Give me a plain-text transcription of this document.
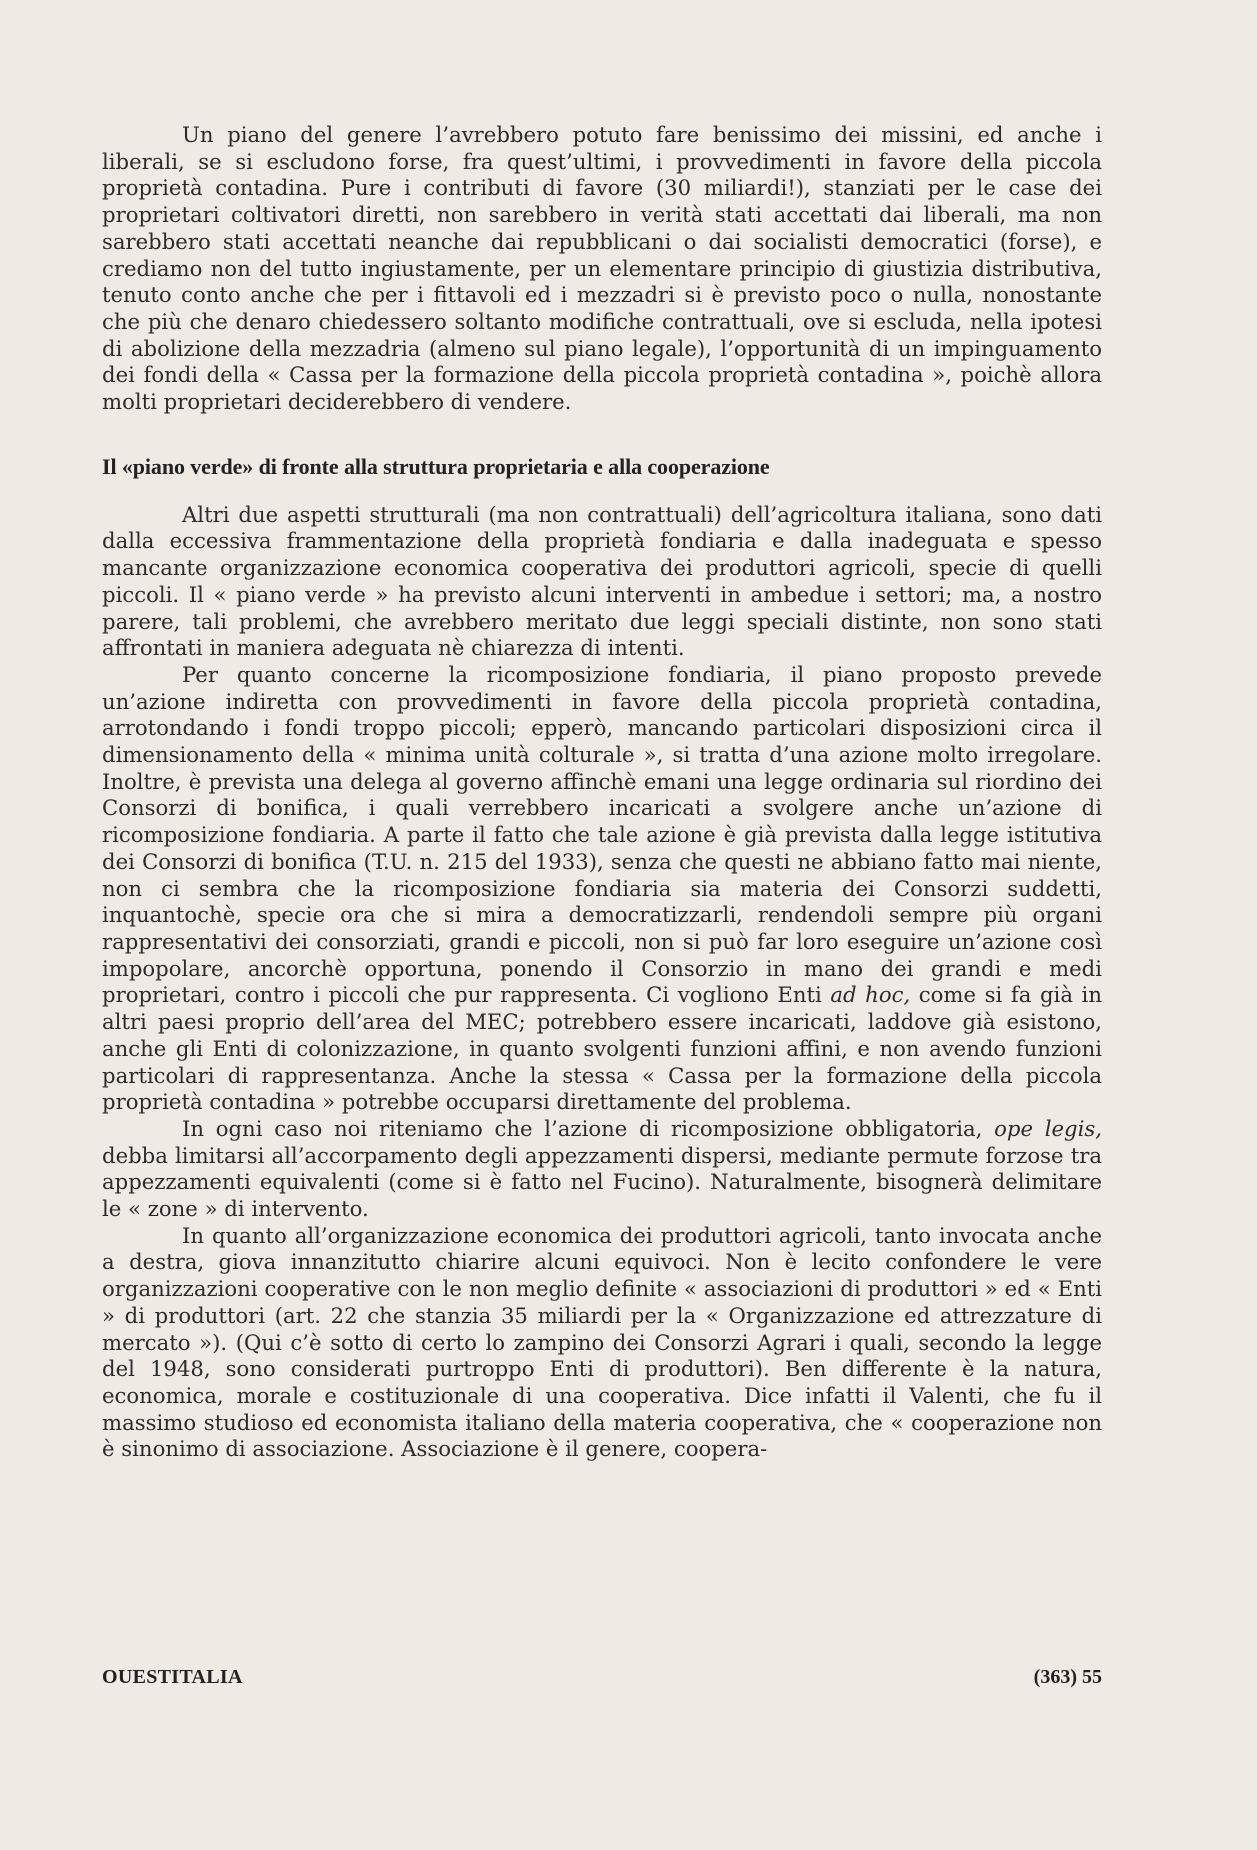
Un piano del genere l’avrebbero potuto fare benissimo dei missini, ed anche i liberali, se si escludono forse, fra quest’ultimi, i provvedimenti in favore della piccola proprietà contadina. Pure i contributi di favore (30 miliardi!), stanziati per le case dei proprietari coltivatori diretti, non sarebbero in verità stati accettati dai liberali, ma non sarebbero stati accettati neanche dai repubblicani o dai socialisti democratici (forse), e crediamo non del tutto ingiustamente, per un elementare principio di giustizia distributiva, tenuto conto anche che per i fittavoli ed i mezzadri si è previsto poco o nulla, nonostante che più che denaro chiedessero soltanto modifiche contrattuali, ove si escluda, nella ipotesi di abolizione della mezzadria (almeno sul piano legale), l’opportunità di un impinguamento dei fondi della « Cassa per la formazione della piccola proprietà contadina », poichè allora molti proprietari deciderebbero di vendere.

Il «piano verde» di fronte alla struttura proprietaria e alla cooperazione

Altri due aspetti strutturali (ma non contrattuali) dell’agricoltura italiana, sono dati dalla eccessiva frammentazione della proprietà fondiaria e dalla inadeguata e spesso mancante organizzazione economica cooperativa dei produttori agricoli, specie di quelli piccoli. Il « piano verde » ha previsto alcuni interventi in ambedue i settori; ma, a nostro parere, tali problemi, che avrebbero meritato due leggi speciali distinte, non sono stati affrontati in maniera adeguata nè chiarezza di intenti.

Per quanto concerne la ricomposizione fondiaria, il piano proposto prevede un’azione indiretta con provvedimenti in favore della piccola proprietà contadina, arrotondando i fondi troppo piccoli; epperò, mancando particolari disposizioni circa il dimensionamento della « minima unità colturale », si tratta d’una azione molto irregolare. Inoltre, è prevista una delega al governo affinchè emani una legge ordinaria sul riordino dei Consorzi di bonifica, i quali verrebbero incaricati a svolgere anche un’azione di ricomposizione fondiaria. A parte il fatto che tale azione è già prevista dalla legge istitutiva dei Consorzi di bonifica (T.U. n. 215 del 1933), senza che questi ne abbiano fatto mai niente, non ci sembra che la ricomposizione fondiaria sia materia dei Consorzi suddetti, inquantochè, specie ora che si mira a democratizzarli, rendendoli sempre più organi rappresentativi dei consorziati, grandi e piccoli, non si può far loro eseguire un’azione così impopolare, ancorchè opportuna, ponendo il Consorzio in mano dei grandi e medi proprietari, contro i piccoli che pur rappresenta. Ci vogliono Enti ad hoc, come si fa già in altri paesi proprio dell’area del MEC; potrebbero essere incaricati, laddove già esistono, anche gli Enti di colonizzazione, in quanto svolgenti funzioni affini, e non avendo funzioni particolari di rappresentanza. Anche la stessa « Cassa per la formazione della piccola proprietà contadina » potrebbe occuparsi direttamente del problema.

In ogni caso noi riteniamo che l’azione di ricomposizione obbligatoria, ope legis, debba limitarsi all’accorpamento degli appezzamenti dispersi, mediante permute forzose tra appezzamenti equivalenti (come si è fatto nel Fucino). Naturalmente, bisognerà delimitare le « zone » di intervento.

In quanto all’organizzazione economica dei produttori agricoli, tanto invocata anche a destra, giova innanzitutto chiarire alcuni equivoci. Non è lecito confondere le vere organizzazioni cooperative con le non meglio definite « associazioni di produttori » ed « Enti » di produttori (art. 22 che stanzia 35 miliardi per la « Organizzazione ed attrezzature di mercato »). (Qui c’è sotto di certo lo zampino dei Consorzi Agrari i quali, secondo la legge del 1948, sono considerati purtroppo Enti di produttori). Ben differente è la natura, economica, morale e costituzionale di una cooperativa. Dice infatti il Valenti, che fu il massimo studioso ed economista italiano della materia cooperativa, che « cooperazione non è sinonimo di associazione. Associazione è il genere, coopera-

OUESTITALIA	(363) 55
